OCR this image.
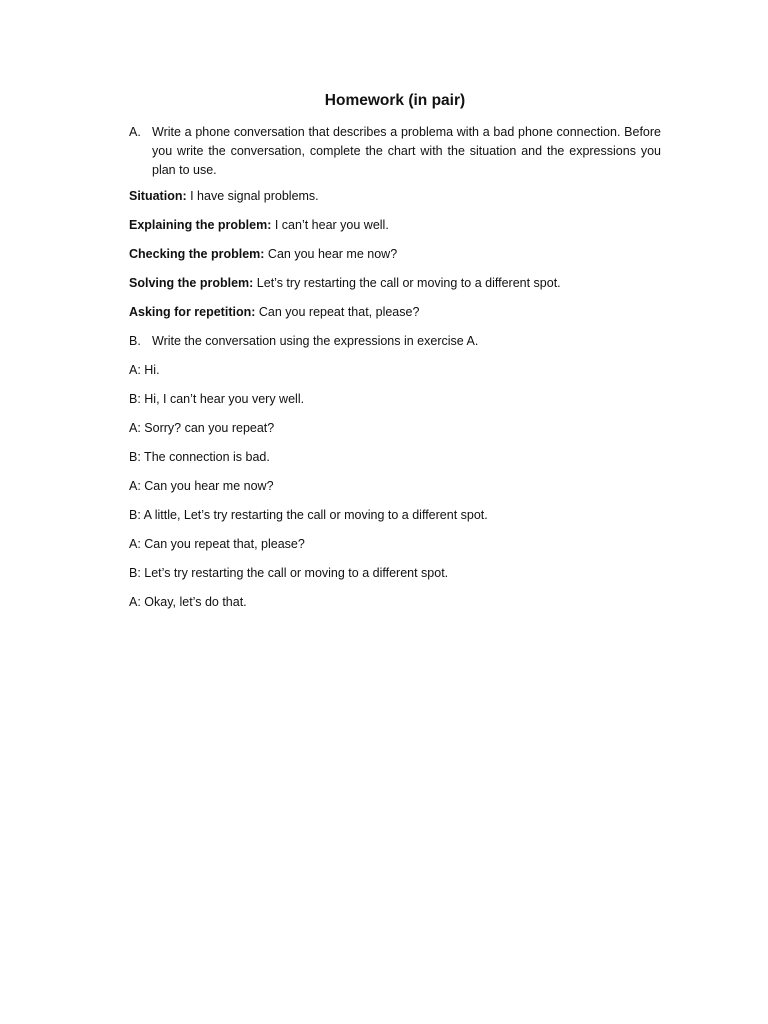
Homework (in pair)
A. Write a phone conversation that describes a problema with a bad phone connection. Before you write the conversation, complete the chart with the situation and the expressions you plan to use.
Situation: I have signal problems.
Explaining the problem: I can’t hear you well.
Checking the problem: Can you hear me now?
Solving the problem: Let’s try restarting the call or moving to a different spot.
Asking for repetition: Can you repeat that, please?
B. Write the conversation using the expressions in exercise A.
A: Hi.
B: Hi, I can’t hear you very well.
A: Sorry? can you repeat?
B: The connection is bad.
A: Can you hear me now?
B: A little, Let’s try restarting the call or moving to a different spot.
A: Can you repeat that, please?
B: Let’s try restarting the call or moving to a different spot.
A: Okay, let’s do that.
